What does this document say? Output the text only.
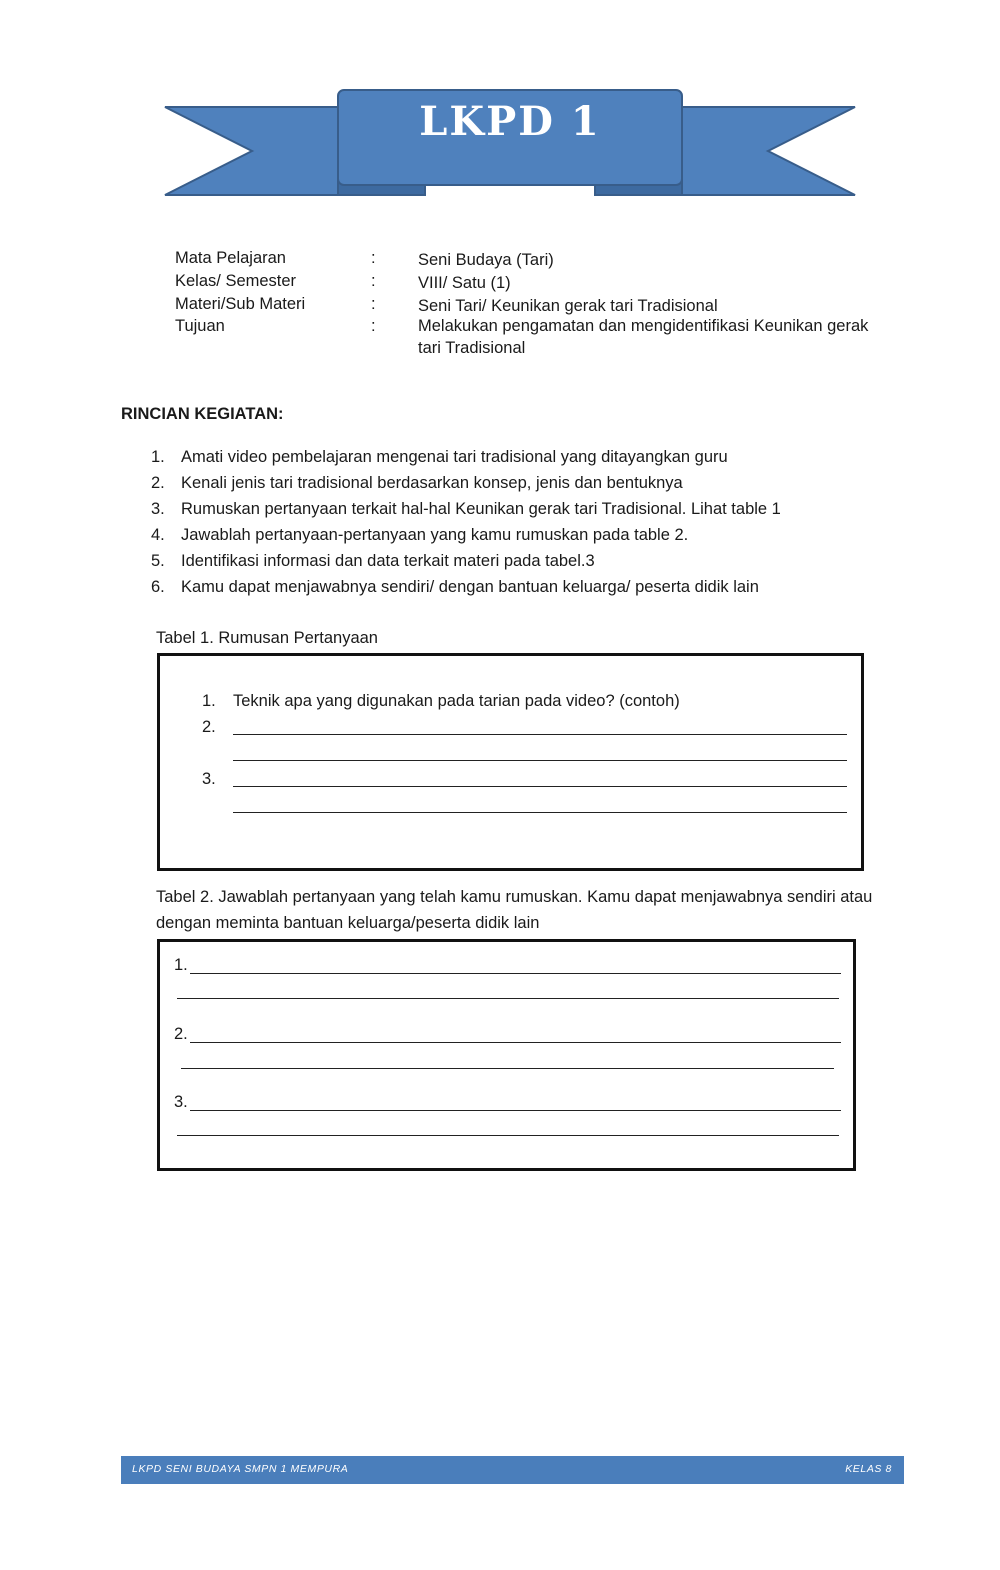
LKPD 1
Mata Pelajaran	:	Seni Budaya (Tari)
Kelas/ Semester	:	VIII/ Satu (1)
Materi/Sub Materi	:	Seni Tari/ Keunikan gerak tari Tradisional
Tujuan	:	Melakukan pengamatan dan mengidentifikasi Keunikan gerak tari Tradisional
RINCIAN KEGIATAN:
1. Amati video pembelajaran mengenai tari tradisional yang ditayangkan guru
2. Kenali jenis tari tradisional berdasarkan konsep, jenis dan bentuknya
3. Rumuskan pertanyaan terkait hal-hal Keunikan gerak tari Tradisional. Lihat table 1
4. Jawablah pertanyaan-pertanyaan yang kamu rumuskan pada table 2.
5. Identifikasi informasi dan data terkait materi pada tabel.3
6. Kamu dapat menjawabnya sendiri/ dengan bantuan keluarga/ peserta didik lain
Tabel 1. Rumusan Pertanyaan
1. Teknik apa yang digunakan pada tarian pada video? (contoh)
2.
3.
Tabel 2. Jawablah pertanyaan yang telah kamu rumuskan. Kamu dapat menjawabnya sendiri atau dengan meminta bantuan keluarga/peserta didik lain
1.
2.
3.
LKPD SENI BUDAYA SMPN 1 MEMPURA	KELAS 8
